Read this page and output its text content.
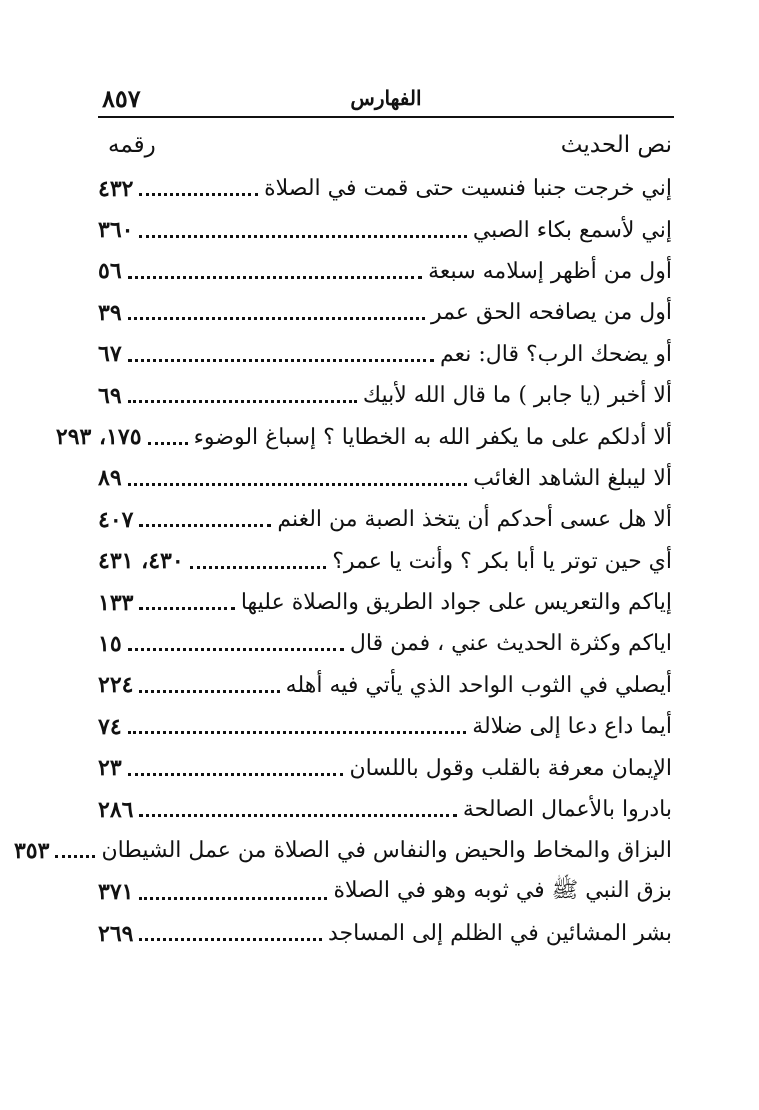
٨٥٧	الفهارس
نص الحديث
رقمه
إني خرجت جنبا فنسيت حتى قمت في الصلاة
٤٣٢
إني لأسمع بكاء الصبي
٣٦٠
أول من أظهر إسلامه سبعة
٥٦
أول من يصافحه الحق عمر
٣٩
أو يضحك الرب؟ قال: نعم
٦٧
ألا أخبر (يا جابر ) ما قال الله لأبيك
٦٩
ألا أدلكم على ما يكفر الله به الخطايا ؟ إسباغ الوضوء
١٧٥، ٢٩٣
ألا ليبلغ الشاهد الغائب
٨٩
ألا هل عسى أحدكم أن يتخذ الصبة من الغنم
٤٠٧
أي حين توتر يا أبا بكر ؟ وأنت يا عمر؟
٤٣٠، ٤٣١
إياكم والتعريس على جواد الطريق والصلاة عليها
١٣٣
اياكم وكثرة الحديث عني ، فمن قال
١٥
أيصلي في الثوب الواحد الذي يأتي فيه أهله
٢٢٤
أيما داع دعا إلى ضلالة
٧٤
الإيمان معرفة بالقلب وقول باللسان
٢٣
بادروا بالأعمال الصالحة
٢٨٦
البزاق والمخاط والحيض والنفاس في الصلاة من عمل الشيطان
٣٥٣
بزق النبي ﷺ في ثوبه وهو في الصلاة
٣٧١
بشر المشائين في الظلم إلى المساجد
٢٦٩
